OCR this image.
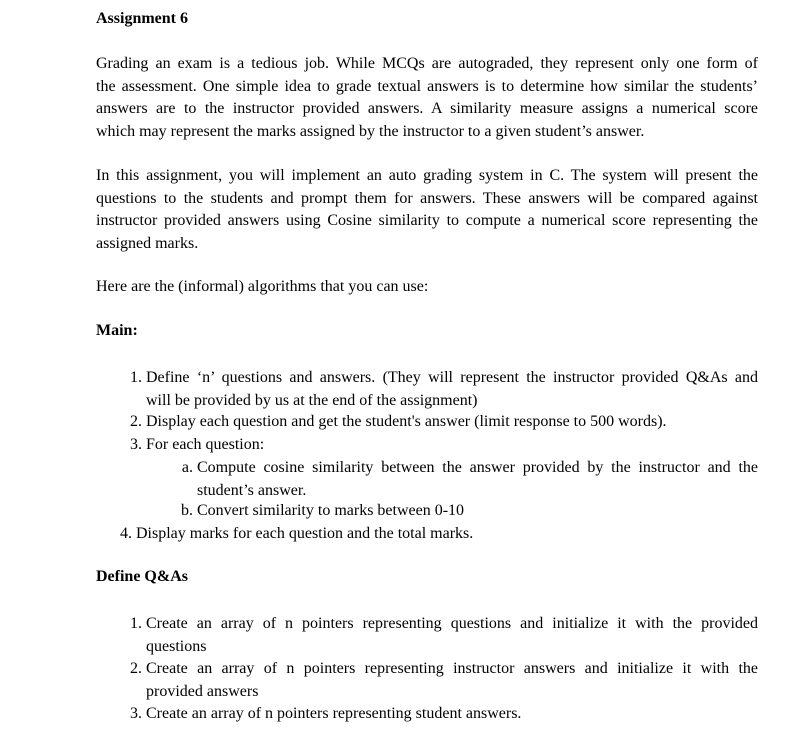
Assignment 6
Grading an exam is a tedious job. While MCQs are autograded, they represent only one form of
the assessment. One simple idea to grade textual answers is to determine how similar the students’
answers are to the instructor provided answers. A similarity measure assigns a numerical score
which may represent the marks assigned by the instructor to a given student’s answer.
In this assignment, you will implement an auto grading system in C. The system will present the
questions to the students and prompt them for answers. These answers will be compared against
instructor provided answers using Cosine similarity to compute a numerical score representing the
assigned marks.
Here are the (informal) algorithms that you can use:
Main:
1. Define ‘n’ questions and answers. (They will represent the instructor provided Q&As and
will be provided by us at the end of the assignment)
2. Display each question and get the student's answer (limit response to 500 words).
3. For each question:
a. Compute cosine similarity between the answer provided by the instructor and the
student’s answer.
b. Convert similarity to marks between 0-10
4. Display marks for each question and the total marks.
Define Q&As
1. Create an array of n pointers representing questions and initialize it with the provided
questions
2. Create an array of n pointers representing instructor answers and initialize it with the
provided answers
3. Create an array of n pointers representing student answers.
